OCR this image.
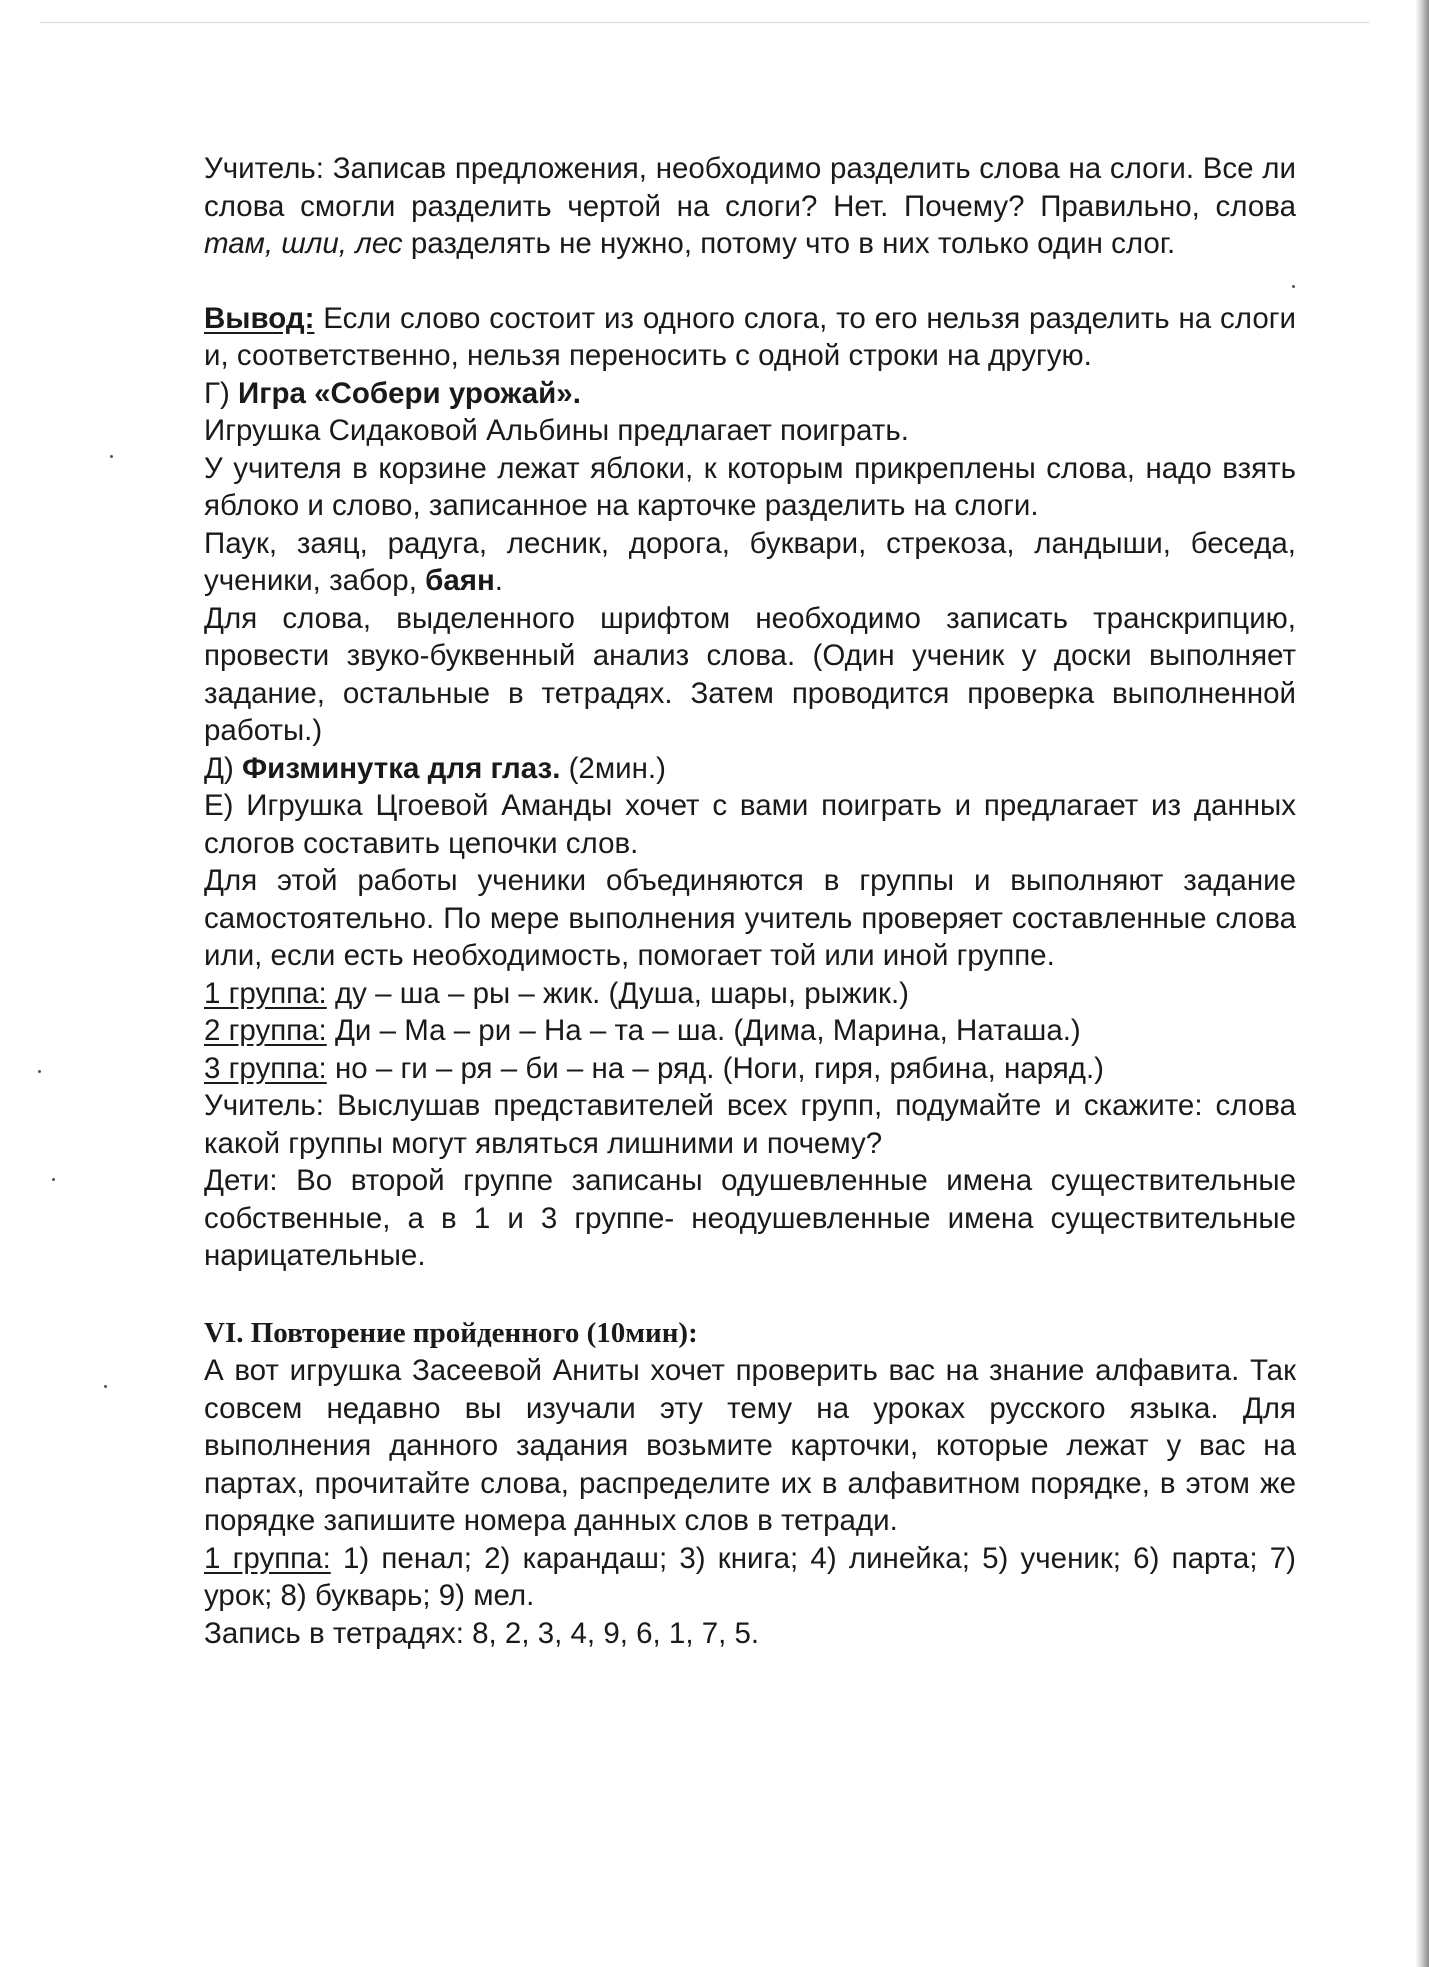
Учитель: Записав предложения, необходимо разделить слова на слоги. Все ли слова смогли разделить чертой на слоги? Нет. Почему? Правильно, слова там, шли, лес разделять не нужно, потому что в них только один слог.

Вывод: Если слово состоит из одного слога, то его нельзя разделить на слоги и, соответственно, нельзя переносить с одной строки на другую.

Г) Игра «Собери урожай».

Игрушка Сидаковой Альбины предлагает поиграть.

У учителя в корзине лежат яблоки, к которым прикреплены слова, надо взять яблоко и слово, записанное на карточке разделить на слоги.

Паук, заяц, радуга, лесник, дорога, буквари, стрекоза, ландыши, беседа, ученики, забор, баян.

Для слова, выделенного шрифтом необходимо записать транскрипцию, провести звуко-буквенный анализ слова. (Один ученик у доски выполняет задание, остальные в тетрадях. Затем проводится проверка выполненной работы.)

Д) Физминутка для глаз. (2мин.)

Е) Игрушка Цгоевой Аманды хочет с вами поиграть и предлагает из данных слогов составить цепочки слов.

Для этой работы ученики объединяются в группы и выполняют задание самостоятельно. По мере выполнения учитель проверяет составленные слова или, если есть необходимость, помогает той или иной группе.

1 группа: ду – ша – ры – жик. (Душа, шары, рыжик.)

2 группа: Ди – Ма – ри – На – та – ша. (Дима, Марина, Наташа.)

3 группа: но – ги – ря – би – на – ряд. (Ноги, гиря, рябина, наряд.)

Учитель: Выслушав представителей всех групп, подумайте и скажите: слова какой группы могут являться лишними и почему?

Дети: Во второй группе записаны одушевленные имена существительные собственные, а в 1 и 3 группе- неодушевленные имена существительные нарицательные.

VI. Повторение пройденного (10мин):

А вот игрушка Засеевой Аниты хочет проверить вас на знание алфавита. Так совсем недавно вы изучали эту тему на уроках русского языка. Для выполнения данного задания возьмите карточки, которые лежат у вас на партах, прочитайте слова, распределите их в алфавитном порядке, в этом же порядке запишите номера данных слов в тетради.

1 группа: 1) пенал; 2) карандаш; 3) книга; 4) линейка; 5) ученик; 6) парта; 7) урок; 8) букварь; 9) мел.

Запись в тетрадях: 8, 2, 3, 4, 9, 6, 1, 7, 5.
